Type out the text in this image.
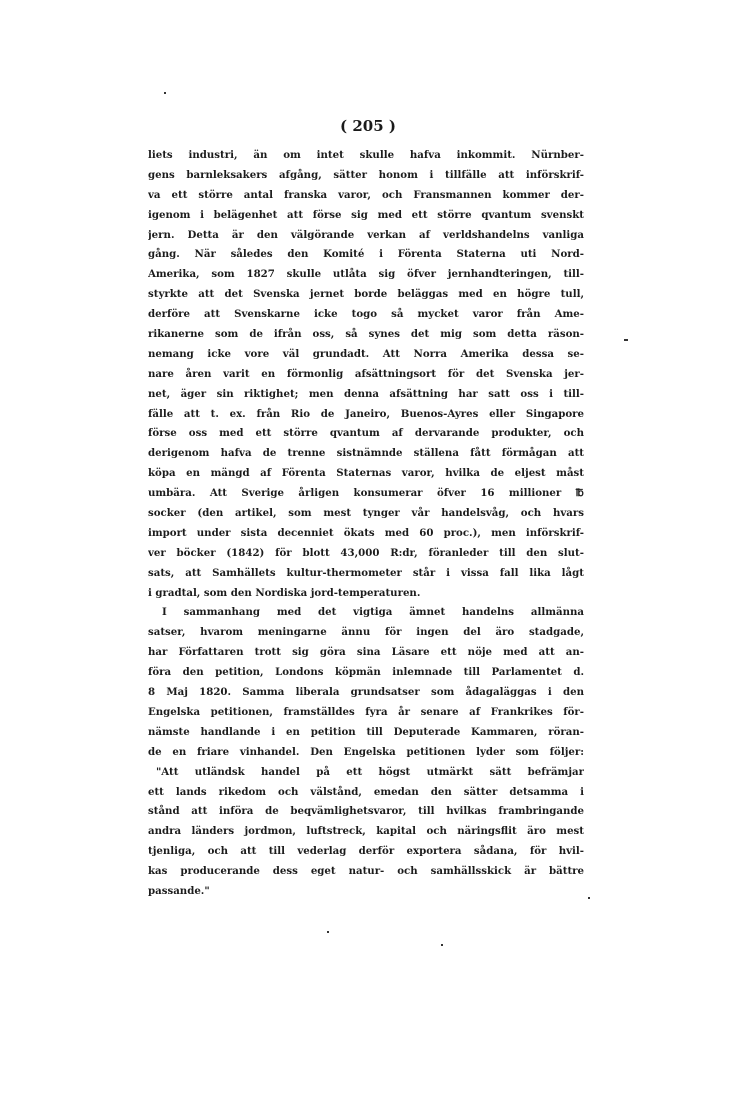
( 205 )
liets industri, än om intet skulle hafva inkommit. Nürnber-
gens barnleksakers afgång, sätter honom i tillfälle att införskrif-
va ett större antal franska varor, och Fransmannen kommer der-
igenom i belägenhet att förse sig med ett större qvantum svenskt
jern. Detta är den välgörande verkan af verldshandelns vanliga
gång. När således den Komité i Förenta Staterna uti Nord-
Amerika, som 1827 skulle utlåta sig öfver jernhandteringen, till-
styrkte att det Svenska jernet borde beläggas med en högre tull,
derföre att Svenskarne icke togo så mycket varor från Ame-
rikanerne som de ifrån oss, så synes det mig som detta räson-
nemang icke vore väl grundadt. Att Norra Amerika dessa se-
nare åren varit en förmonlig afsättningsort för det Svenska jer-
net, äger sin riktighet; men denna afsättning har satt oss i till-
fälle att t. ex. från Rio de Janeiro, Buenos-Ayres eller Singapore
förse oss med ett större qvantum af dervarande produkter, och
derigenom hafva de trenne sistnämnde ställena fått förmågan att
köpa en mängd af Förenta Staternas varor, hvilka de eljest måst
umbära. Att Sverige årligen konsumerar öfver 16 millioner ℔
socker (den artikel, som mest tynger vår handelsvåg, och hvars
import under sista decenniet ökats med 60 proc.), men införskrif-
ver böcker (1842) för blott 43,000 R:dr, föranleder till den slut-
sats, att Samhällets kultur-thermometer står i vissa fall lika lågt
i gradtal, som den Nordiska jord-temperaturen.
I sammanhang med det vigtiga ämnet handelns allmänna
satser, hvarom meningarne ännu för ingen del äro stadgade,
har Författaren trott sig göra sina Läsare ett nöje med att an-
föra den petition, Londons köpmän inlemnade till Parlamentet d.
8 Maj 1820. Samma liberala grundsatser som ådagaläggas i den
Engelska petitionen, framställdes fyra år senare af Frankrikes för-
nämste handlande i en petition till Deputerade Kammaren, röran-
de en friare vinhandel. Den Engelska petitionen lyder som följer:
"Att utländsk handel på ett högst utmärkt sätt befrämjar
ett lands rikedom och välstånd, emedan den sätter detsamma i
stånd att införa de beqvämlighetsvaror, till hvilkas frambringande
andra länders jordmon, luftstreck, kapital och näringsflit äro mest
tjenliga, och att till vederlag derför exportera sådana, för hvil-
kas producerande dess eget natur- och samhällsskick är bättre
passande."
